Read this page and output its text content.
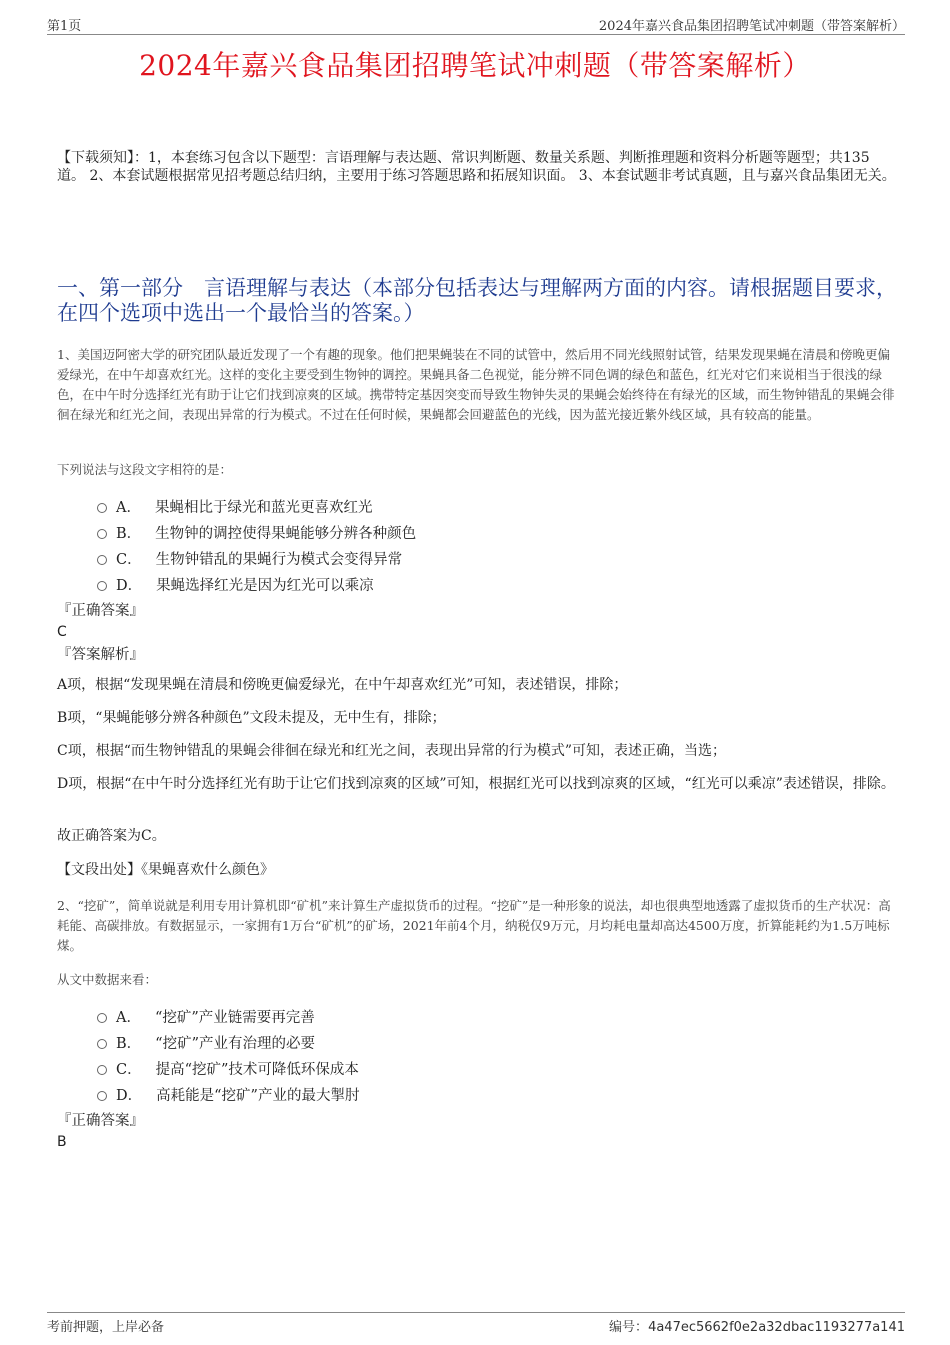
第1页	2024年嘉兴食品集团招聘笔试冲刺题（带答案解析）
2024年嘉兴食品集团招聘笔试冲刺题（带答案解析）
【下载须知】：1，本套练习包含以下题型：言语理解与表达题、常识判断题、数量关系题、判断推理题和资料分析题等题型；共135道。 2、本套试题根据常见招考题总结归纳，主要用于练习答题思路和拓展知识面。 3、本套试题非考试真题，且与嘉兴食品集团无关。
一、第一部分　言语理解与表达（本部分包括表达与理解两方面的内容。请根据题目要求，在四个选项中选出一个最恰当的答案。）
1、美国迈阿密大学的研究团队最近发现了一个有趣的现象。他们把果蝇装在不同的试管中，然后用不同光线照射试管，结果发现果蝇在清晨和傍晚更偏爱绿光，在中午却喜欢红光。这样的变化主要受到生物钟的调控。果蝇具备二色视觉，能分辨不同色调的绿色和蓝色，红光对它们来说相当于很浅的绿色，在中午时分选择红光有助于让它们找到凉爽的区域。携带特定基因突变而导致生物钟失灵的果蝇会始终待在有绿光的区域，而生物钟错乱的果蝇会徘徊在绿光和红光之间，表现出异常的行为模式。不过在任何时候，果蝇都会回避蓝色的光线，因为蓝光接近紫外线区域，具有较高的能量。
下列说法与这段文字相符的是：
A． 果蝇相比于绿光和蓝光更喜欢红光
B． 生物钟的调控使得果蝇能够分辨各种颜色
C． 生物钟错乱的果蝇行为模式会变得异常
D． 果蝇选择红光是因为红光可以乘凉
『正确答案』
C
『答案解析』
A项，根据“发现果蝇在清晨和傍晚更偏爱绿光，在中午却喜欢红光”可知，表述错误，排除；
B项，“果蝇能够分辨各种颜色”文段未提及，无中生有，排除；
C项，根据“而生物钟错乱的果蝇会徘徊在绿光和红光之间，表现出异常的行为模式”可知，表述正确，当选；
D项，根据“在中午时分选择红光有助于让它们找到凉爽的区域”可知，根据红光可以找到凉爽的区域，“红光可以乘凉”表述错误，排除。
故正确答案为C。
【文段出处】《果蝇喜欢什么颜色》
2、“挖矿”，简单说就是利用专用计算机即“矿机”来计算生产虚拟货币的过程。“挖矿”是一种形象的说法，却也很典型地透露了虚拟货币的生产状况：高耗能、高碳排放。有数据显示，一家拥有1万台“矿机”的矿场，2021年前4个月，纳税仅9万元，月均耗电量却高达4500万度，折算能耗约为1.5万吨标煤。
从文中数据来看：
A． “挖矿”产业链需要再完善
B． “挖矿”产业有治理的必要
C． 提高“挖矿”技术可降低环保成本
D． 高耗能是“挖矿”产业的最大掣肘
『正确答案』
B
考前押题，上岸必备	编号：4a47ec5662f0e2a32dbac1193277a141
